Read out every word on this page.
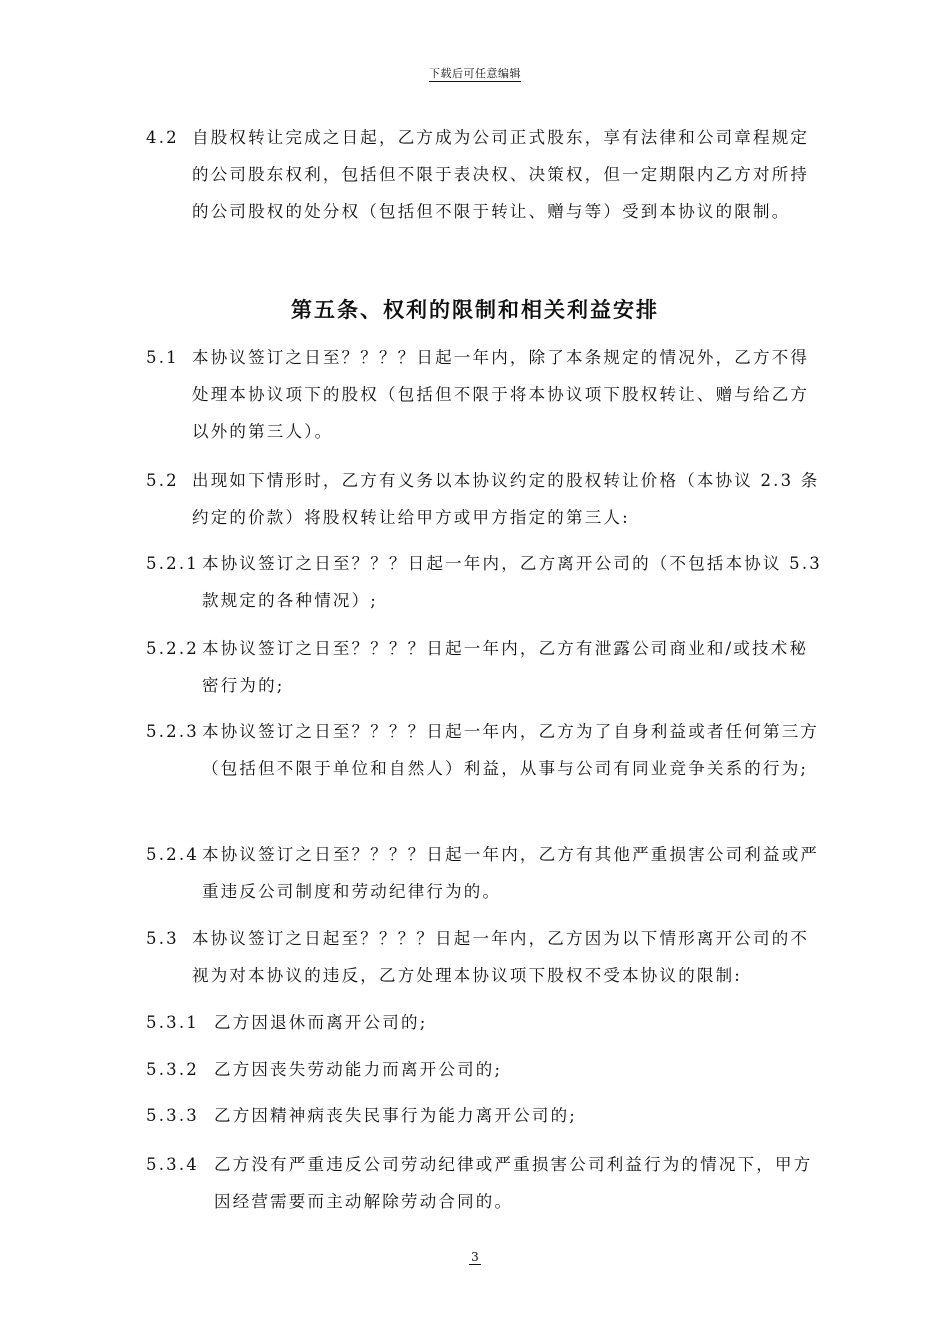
下载后可任意编辑
4.2 自股权转让完成之日起，乙方成为公司正式股东，享有法律和公司章程规定的公司股东权利，包括但不限于表决权、决策权，但一定期限内乙方对所持的公司股权的处分权（包括但不限于转让、赠与等）受到本协议的限制。
第五条、权利的限制和相关利益安排
5.1 本协议签订之日至？？？？日起一年内，除了本条规定的情况外，乙方不得处理本协议项下的股权（包括但不限于将本协议项下股权转让、赠与给乙方以外的第三人）。
5.2 出现如下情形时，乙方有义务以本协议约定的股权转让价格（本协议 2.3 条约定的价款）将股权转让给甲方或甲方指定的第三人:
5.2.1 本协议签订之日至？？？日起一年内，乙方离开公司的（不包括本协议 5.3款规定的各种情况）;
5.2.2 本协议签订之日至？？？？日起一年内，乙方有泄露公司商业和/或技术秘密行为的;
5.2.3 本协议签订之日至？？？？日起一年内，乙方为了自身利益或者任何第三方（包括但不限于单位和自然人）利益，从事与公司有同业竞争关系的行为;
5.2.4 本协议签订之日至？？？？日起一年内，乙方有其他严重损害公司利益或严重违反公司制度和劳动纪律行为的。
5.3 本协议签订之日起至？？？？日起一年内，乙方因为以下情形离开公司的不视为对本协议的违反，乙方处理本协议项下股权不受本协议的限制:
5.3.1 乙方因退休而离开公司的;
5.3.2 乙方因丧失劳动能力而离开公司的;
5.3.3 乙方因精神病丧失民事行为能力离开公司的;
5.3.4 乙方没有严重违反公司劳动纪律或严重损害公司利益行为的情况下，甲方因经营需要而主动解除劳动合同的。
3
